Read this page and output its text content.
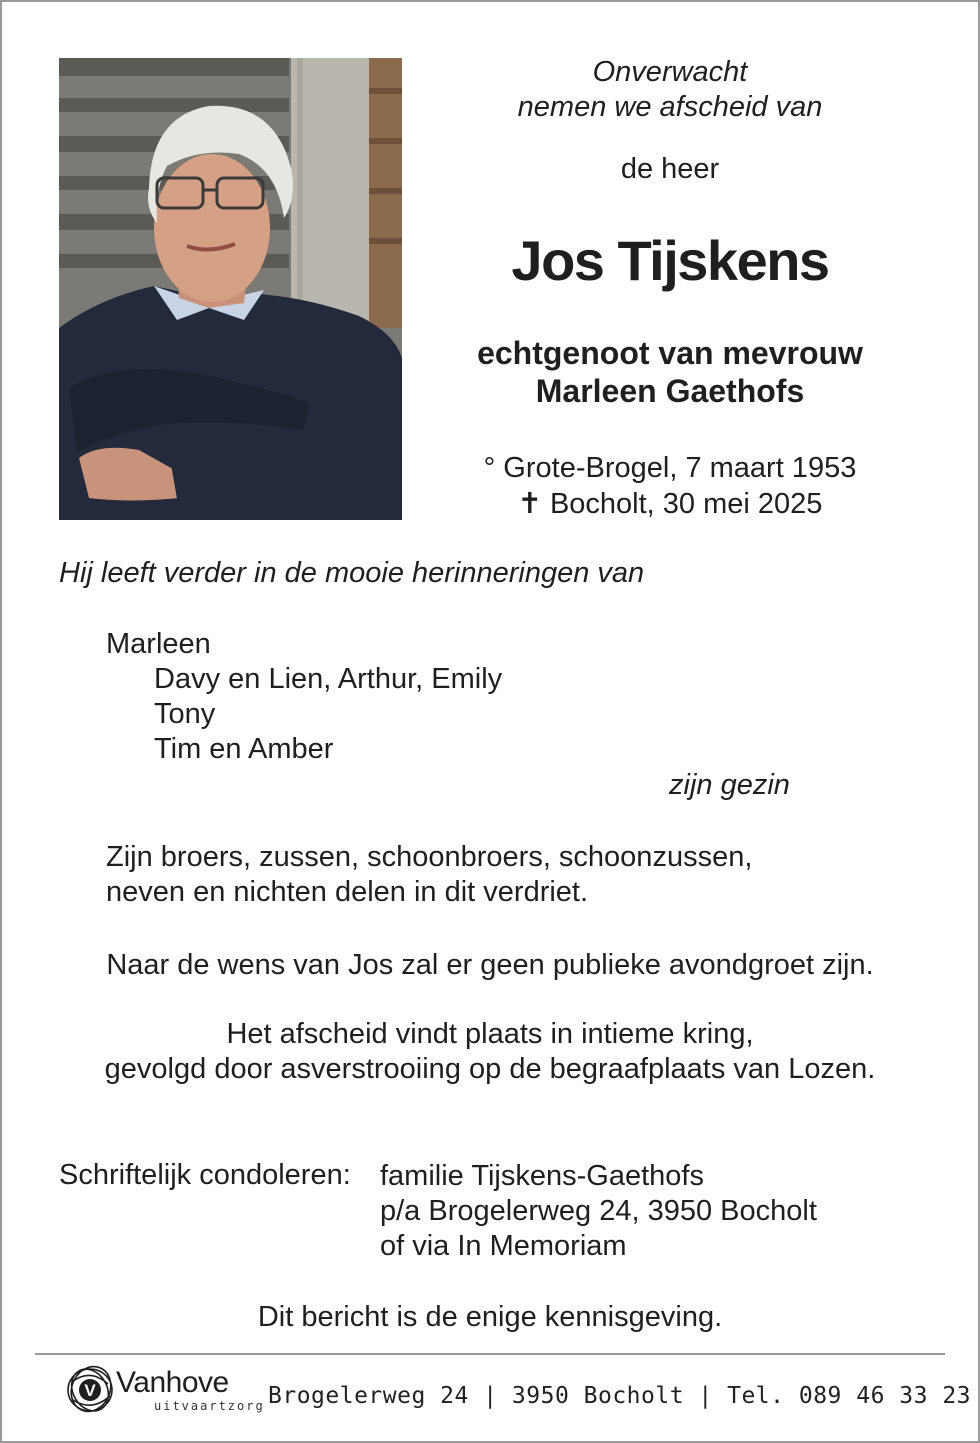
Onverwacht
nemen we afscheid van
de heer
Jos Tijskens
echtgenoot van mevrouw
Marleen Gaethofs
° Grote-Brogel, 7 maart 1953
✝ Bocholt, 30 mei 2025
Hij leeft verder in de mooie herinneringen van
Marleen
Davy en Lien, Arthur, Emily
Tony
Tim en Amber
zijn gezin
Zijn broers, zussen, schoonbroers, schoonzussen,
neven en nichten delen in dit verdriet.
Naar de wens van Jos zal er geen publieke avondgroet zijn.
Het afscheid vindt plaats in intieme kring,
gevolgd door asverstrooiing op de begraafplaats van Lozen.
Schriftelijk condoleren: familie Tijskens-Gaethofs
p/a Brogelerweg 24, 3950 Bocholt
of via In Memoriam
Dit bericht is de enige kennisgeving.
V Vanhove
uitvaartzorg Brogelerweg 24 | 3950 Bocholt | Tel. 089 46 33 23
